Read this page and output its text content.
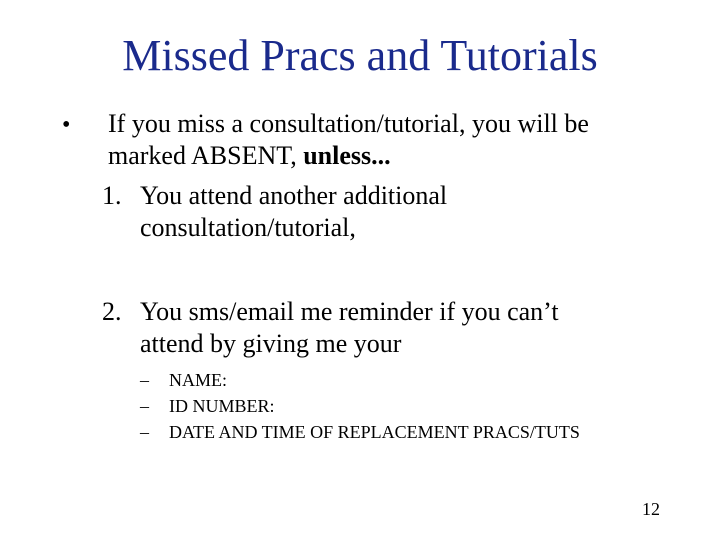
Missed Pracs and Tutorials
• If you miss a consultation/tutorial, you will be marked ABSENT, unless...
1. You attend another additional consultation/tutorial,
2. You sms/email me reminder if you can’t attend by giving me your
– NAME:
– ID NUMBER:
– DATE AND TIME OF REPLACEMENT PRACS/TUTS
12
